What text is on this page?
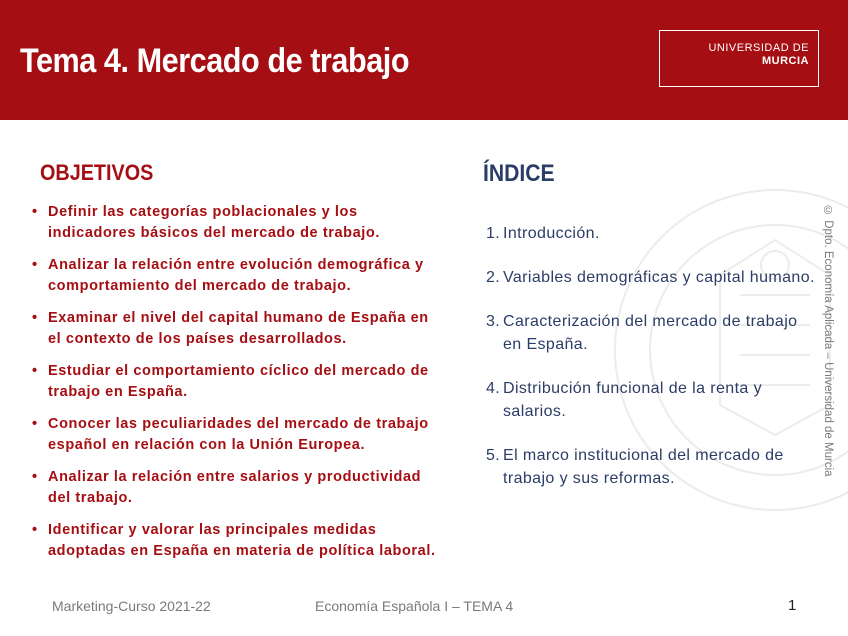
Tema 4. Mercado de trabajo	UNIVERSIDAD DE
MURCIA
OBJETIVOS
• Definir las categorías poblacionales y los indicadores básicos del mercado de trabajo.
• Analizar la relación entre evolución demográfica y comportamiento del mercado de trabajo.
• Examinar el nivel del capital humano de España en el contexto de los países desarrollados.
• Estudiar el comportamiento cíclico del mercado de trabajo en España.
• Conocer las peculiaridades del mercado de trabajo español en relación con la Unión Europea.
• Analizar la relación entre salarios y productividad del trabajo.
• Identificar y valorar las principales medidas adoptadas en España en materia de política laboral.
ÍNDICE
1. Introducción.
2. Variables demográficas y capital humano.
3. Caracterización del mercado de trabajo en España.
4. Distribución funcional de la renta y salarios.
5. El marco institucional del mercado de trabajo y sus reformas.
© Dpto. Economía Aplicada – Universidad de Murcia
Marketing-Curso 2021-22	Economía Española I – TEMA 4	1
